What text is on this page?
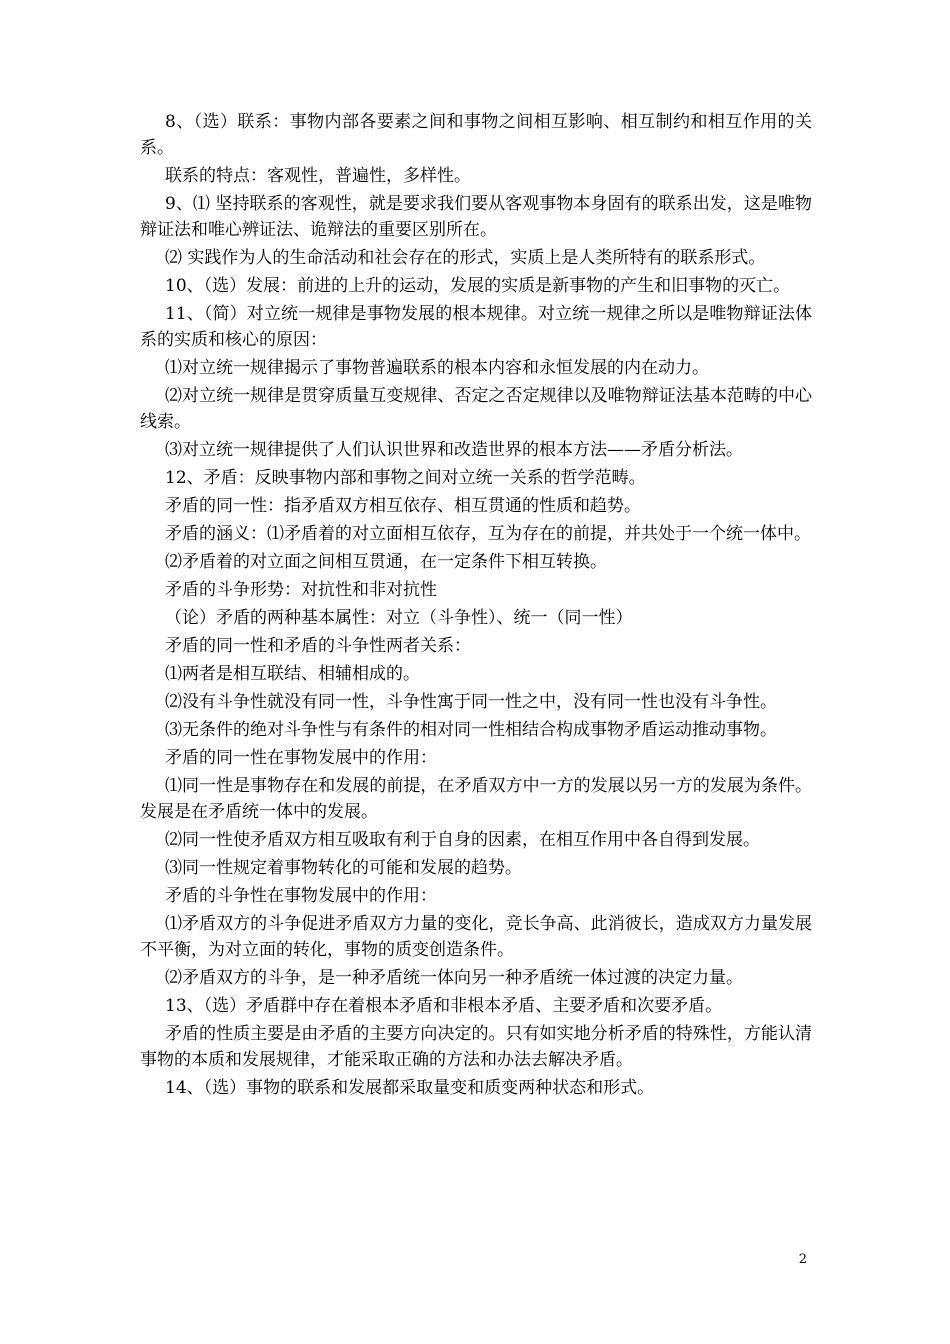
8、（选）联系：事物内部各要素之间和事物之间相互影响、相互制约和相互作用的关系。

联系的特点：客观性，普遍性，多样性。

9、⑴ 坚持联系的客观性，就是要求我们要从客观事物本身固有的联系出发，这是唯物辩证法和唯心辨证法、诡辩法的重要区别所在。

⑵ 实践作为人的生命活动和社会存在的形式，实质上是人类所特有的联系形式。

10、（选）发展：前进的上升的运动，发展的实质是新事物的产生和旧事物的灭亡。

11、（简）对立统一规律是事物发展的根本规律。对立统一规律之所以是唯物辩证法体系的实质和核心的原因：

⑴对立统一规律揭示了事物普遍联系的根本内容和永恒发展的内在动力。

⑵对立统一规律是贯穿质量互变规律、否定之否定规律以及唯物辩证法基本范畴的中心线索。

⑶对立统一规律提供了人们认识世界和改造世界的根本方法——矛盾分析法。

12、矛盾：反映事物内部和事物之间对立统一关系的哲学范畴。

矛盾的同一性：指矛盾双方相互依存、相互贯通的性质和趋势。

矛盾的涵义：⑴矛盾着的对立面相互依存，互为存在的前提，并共处于一个统一体中。

⑵矛盾着的对立面之间相互贯通，在一定条件下相互转换。

矛盾的斗争形势：对抗性和非对抗性

（论）矛盾的两种基本属性：对立（斗争性）、统一（同一性）

矛盾的同一性和矛盾的斗争性两者关系：

⑴两者是相互联结、相辅相成的。

⑵没有斗争性就没有同一性，斗争性寓于同一性之中，没有同一性也没有斗争性。

⑶无条件的绝对斗争性与有条件的相对同一性相结合构成事物矛盾运动推动事物。

矛盾的同一性在事物发展中的作用：

⑴同一性是事物存在和发展的前提，在矛盾双方中一方的发展以另一方的发展为条件。发展是在矛盾统一体中的发展。

⑵同一性使矛盾双方相互吸取有利于自身的因素，在相互作用中各自得到发展。

⑶同一性规定着事物转化的可能和发展的趋势。

矛盾的斗争性在事物发展中的作用：

⑴矛盾双方的斗争促进矛盾双方力量的变化，竞长争高、此消彼长，造成双方力量发展不平衡，为对立面的转化，事物的质变创造条件。

⑵矛盾双方的斗争，是一种矛盾统一体向另一种矛盾统一体过渡的决定力量。

13、（选）矛盾群中存在着根本矛盾和非根本矛盾、主要矛盾和次要矛盾。

矛盾的性质主要是由矛盾的主要方向决定的。只有如实地分析矛盾的特殊性，方能认清事物的本质和发展规律，才能采取正确的方法和办法去解决矛盾。

14、（选）事物的联系和发展都采取量变和质变两种状态和形式。

2
